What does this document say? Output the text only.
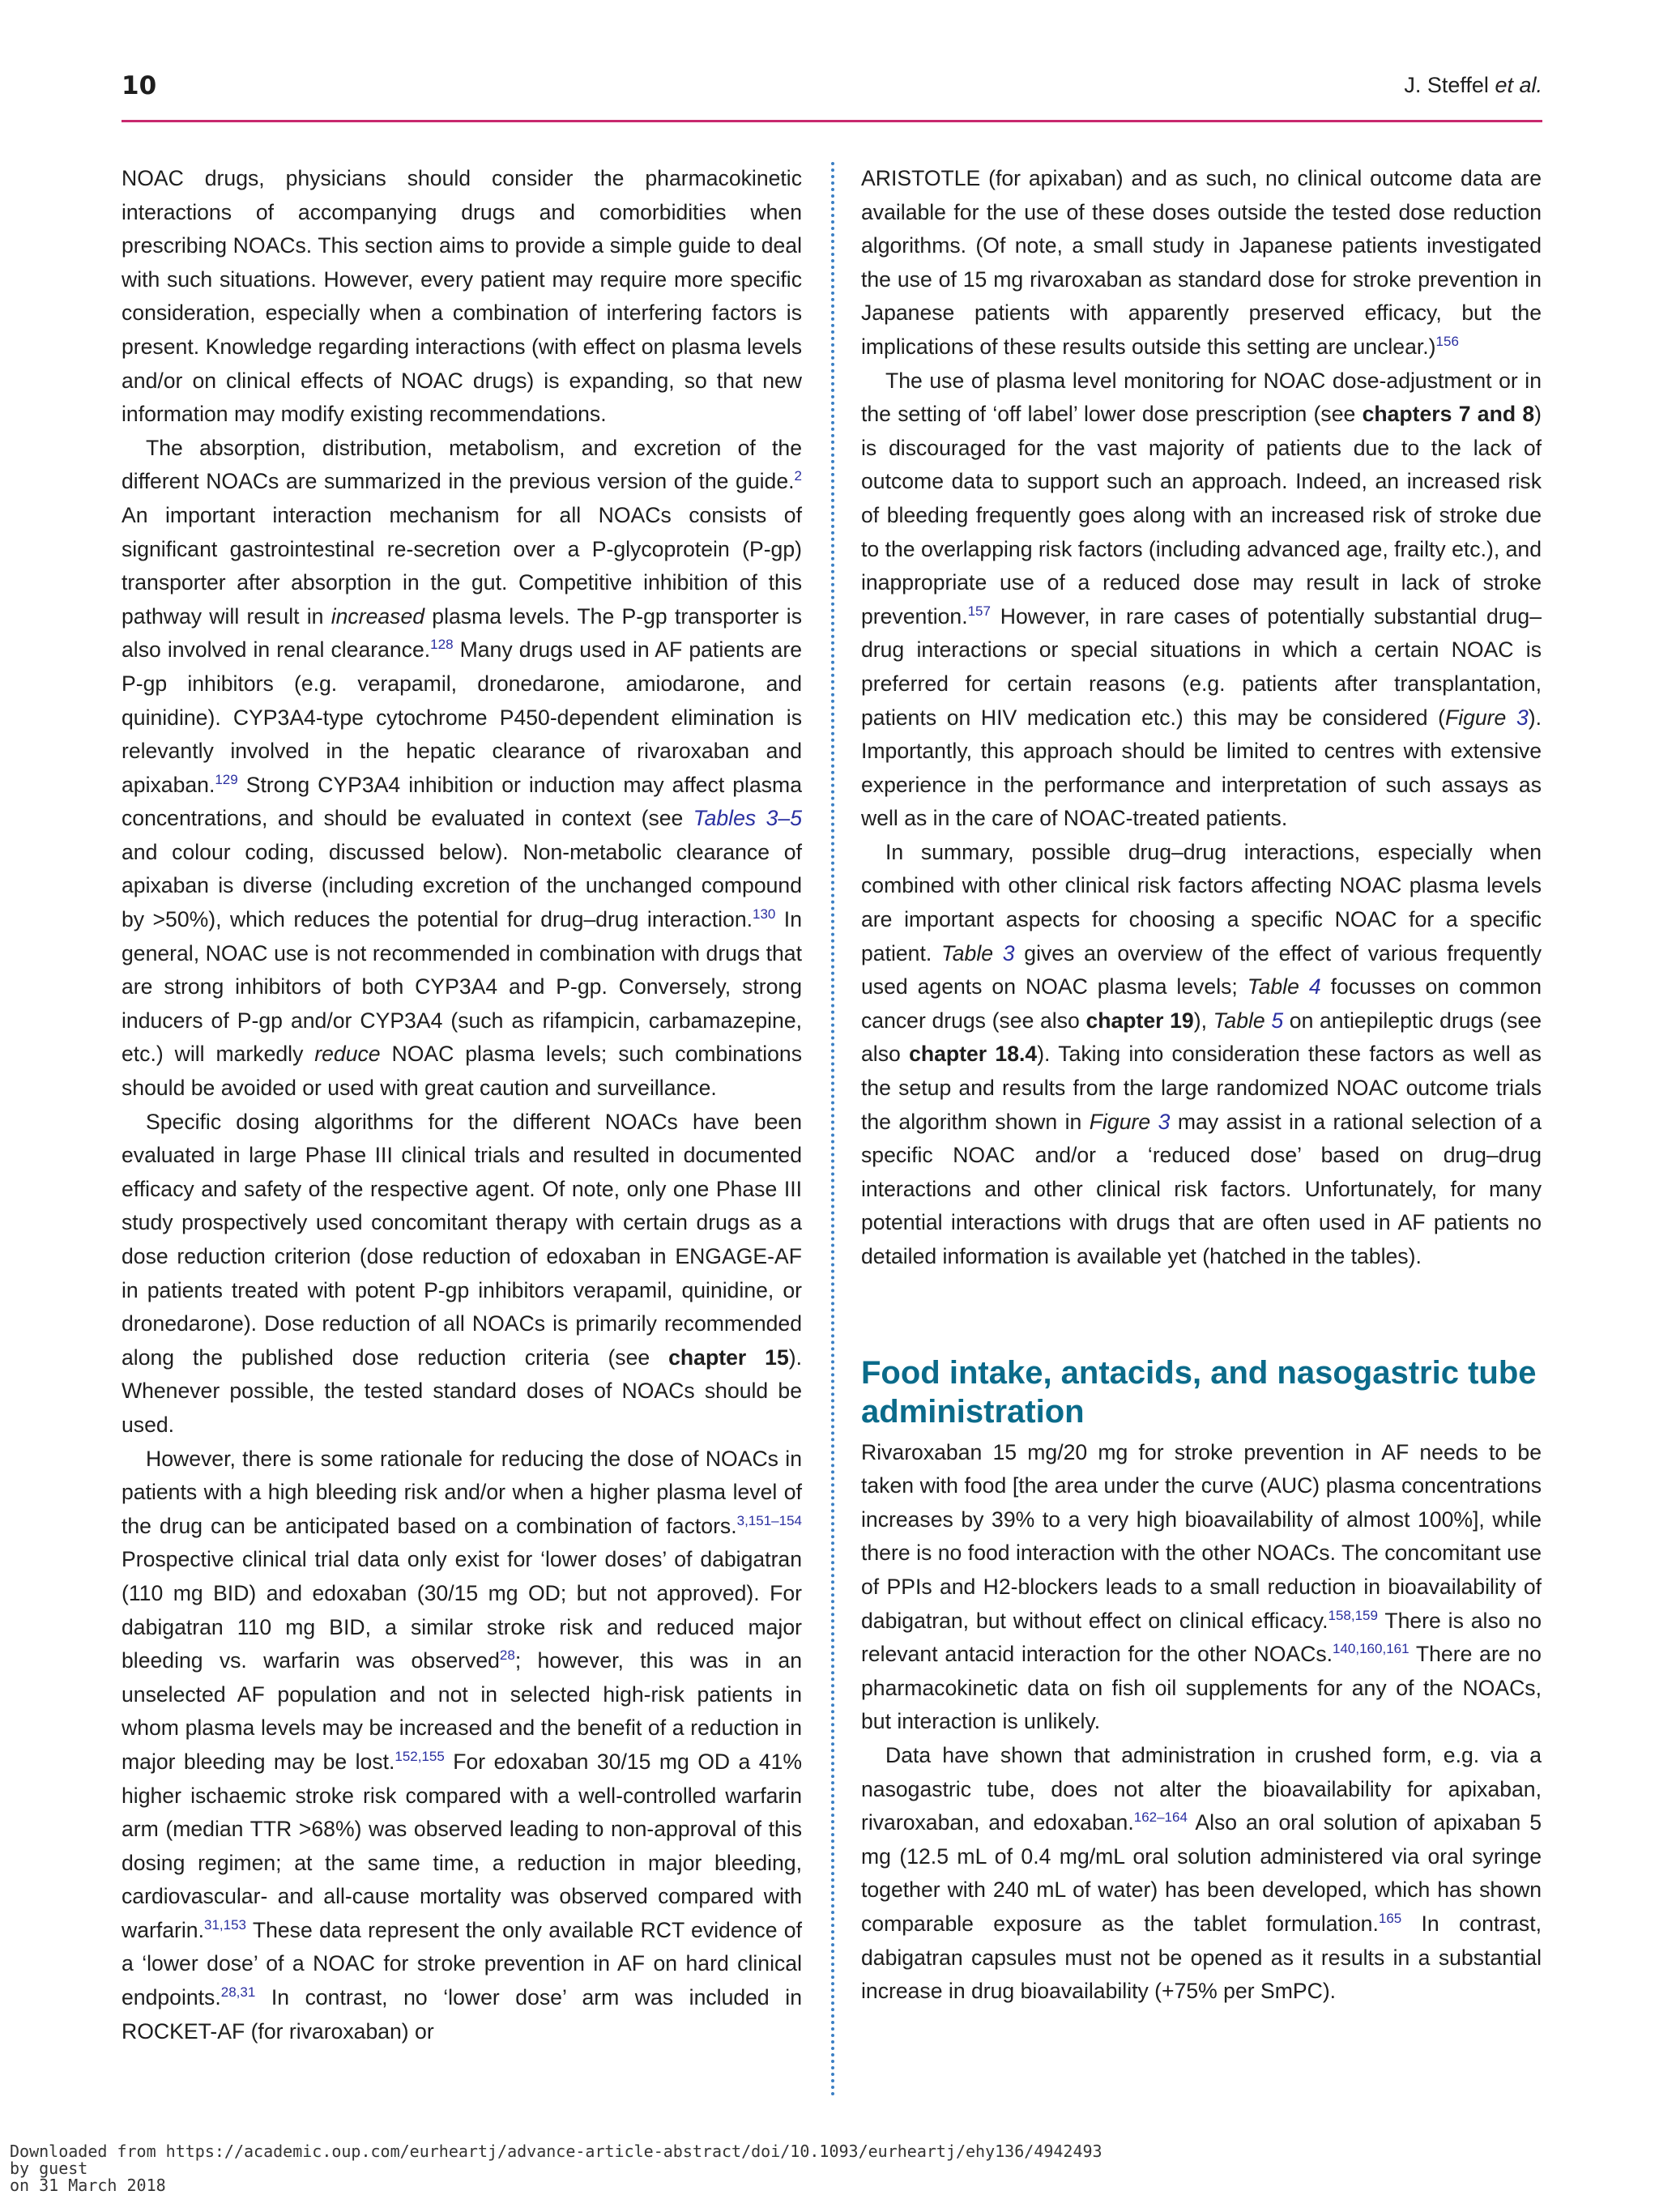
10	J. Steffel et al.

NOAC drugs, physicians should consider the pharmacokinetic interactions of accompanying drugs and comorbidities when prescribing NOACs. This section aims to provide a simple guide to deal with such situations. However, every patient may require more specific consideration, especially when a combination of interfering factors is present. Knowledge regarding interactions (with effect on plasma levels and/or on clinical effects of NOAC drugs) is expanding, so that new information may modify existing recommendations.

The absorption, distribution, metabolism, and excretion of the different NOACs are summarized in the previous version of the guide.$^2$ An important interaction mechanism for all NOACs consists of significant gastrointestinal re-secretion over a P-glycoprotein (P-gp) transporter after absorption in the gut. Competitive inhibition of this pathway will result in increased plasma levels. The P-gp transporter is also involved in renal clearance.$^{128}$ Many drugs used in AF patients are P-gp inhibitors (e.g. verapamil, dronedarone, amiodarone, and quinidine). CYP3A4-type cytochrome P450-dependent elimination is relevantly involved in the hepatic clearance of rivaroxaban and apixaban.$^{129}$ Strong CYP3A4 inhibition or induction may affect plasma concentrations, and should be evaluated in context (see Tables 3–5 and colour coding, discussed below). Non-metabolic clearance of apixaban is diverse (including excretion of the unchanged compound by >50%), which reduces the potential for drug–drug interaction.$^{130}$ In general, NOAC use is not recommended in combination with drugs that are strong inhibitors of both CYP3A4 and P-gp. Conversely, strong inducers of P-gp and/or CYP3A4 (such as rifampicin, carbamazepine, etc.) will markedly reduce NOAC plasma levels; such combinations should be avoided or used with great caution and surveillance.

Specific dosing algorithms for the different NOACs have been evaluated in large Phase III clinical trials and resulted in documented efficacy and safety of the respective agent. Of note, only one Phase III study prospectively used concomitant therapy with certain drugs as a dose reduction criterion (dose reduction of edoxaban in ENGAGE-AF in patients treated with potent P-gp inhibitors verapamil, quinidine, or dronedarone). Dose reduction of all NOACs is primarily recommended along the published dose reduction criteria (see chapter 15). Whenever possible, the tested standard doses of NOACs should be used.

However, there is some rationale for reducing the dose of NOACs in patients with a high bleeding risk and/or when a higher plasma level of the drug can be anticipated based on a combination of factors.$^{3,151-154}$ Prospective clinical trial data only exist for ‘lower doses’ of dabigatran (110 mg BID) and edoxaban (30/15 mg OD; but not approved). For dabigatran 110 mg BID, a similar stroke risk and reduced major bleeding vs. warfarin was observed$^{28}$; however, this was in an unselected AF population and not in selected high-risk patients in whom plasma levels may be increased and the benefit of a reduction in major bleeding may be lost.$^{152,155}$ For edoxaban 30/15 mg OD a 41% higher ischaemic stroke risk compared with a well-controlled warfarin arm (median TTR >68%) was observed leading to non-approval of this dosing regimen; at the same time, a reduction in major bleeding, cardiovascular- and all-cause mortality was observed compared with warfarin.$^{31,153}$ These data represent the only available RCT evidence of a ‘lower dose’ of a NOAC for stroke prevention in AF on hard clinical endpoints.$^{28,31}$ In contrast, no ‘lower dose’ arm was included in ROCKET-AF (for rivaroxaban) or

ARISTOTLE (for apixaban) and as such, no clinical outcome data are available for the use of these doses outside the tested dose reduction algorithms. (Of note, a small study in Japanese patients investigated the use of 15 mg rivaroxaban as standard dose for stroke prevention in Japanese patients with apparently preserved efficacy, but the implications of these results outside this setting are unclear.)$^{156}$

The use of plasma level monitoring for NOAC dose-adjustment or in the setting of ‘off label’ lower dose prescription (see chapters 7 and 8) is discouraged for the vast majority of patients due to the lack of outcome data to support such an approach. Indeed, an increased risk of bleeding frequently goes along with an increased risk of stroke due to the overlapping risk factors (including advanced age, frailty etc.), and inappropriate use of a reduced dose may result in lack of stroke prevention.$^{157}$ However, in rare cases of potentially substantial drug–drug interactions or special situations in which a certain NOAC is preferred for certain reasons (e.g. patients after transplantation, patients on HIV medication etc.) this may be considered (Figure 3). Importantly, this approach should be limited to centres with extensive experience in the performance and interpretation of such assays as well as in the care of NOAC-treated patients.

In summary, possible drug–drug interactions, especially when combined with other clinical risk factors affecting NOAC plasma levels are important aspects for choosing a specific NOAC for a specific patient. Table 3 gives an overview of the effect of various frequently used agents on NOAC plasma levels; Table 4 focusses on common cancer drugs (see also chapter 19), Table 5 on antiepileptic drugs (see also chapter 18.4). Taking into consideration these factors as well as the setup and results from the large randomized NOAC outcome trials the algorithm shown in Figure 3 may assist in a rational selection of a specific NOAC and/or a ‘reduced dose’ based on drug–drug interactions and other clinical risk factors. Unfortunately, for many potential interactions with drugs that are often used in AF patients no detailed information is available yet (hatched in the tables).

Food intake, antacids, and nasogastric tube administration

Rivaroxaban 15 mg/20 mg for stroke prevention in AF needs to be taken with food [the area under the curve (AUC) plasma concentrations increases by 39% to a very high bioavailability of almost 100%], while there is no food interaction with the other NOACs. The concomitant use of PPIs and H2-blockers leads to a small reduction in bioavailability of dabigatran, but without effect on clinical efficacy.$^{158,159}$ There is also no relevant antacid interaction for the other NOACs.$^{140,160,161}$ There are no pharmacokinetic data on fish oil supplements for any of the NOACs, but interaction is unlikely.

Data have shown that administration in crushed form, e.g. via a nasogastric tube, does not alter the bioavailability for apixaban, rivaroxaban, and edoxaban.$^{162-164}$ Also an oral solution of apixaban 5 mg (12.5 mL of 0.4 mg/mL oral solution administered via oral syringe together with 240 mL of water) has been developed, which has shown comparable exposure as the tablet formulation.$^{165}$ In contrast, dabigatran capsules must not be opened as it results in a substantial increase in drug bioavailability (+75% per SmPC).

Downloaded from https://academic.oup.com/eurheartj/advance-article-abstract/doi/10.1093/eurheartj/ehy136/4942493
by guest
on 31 March 2018
